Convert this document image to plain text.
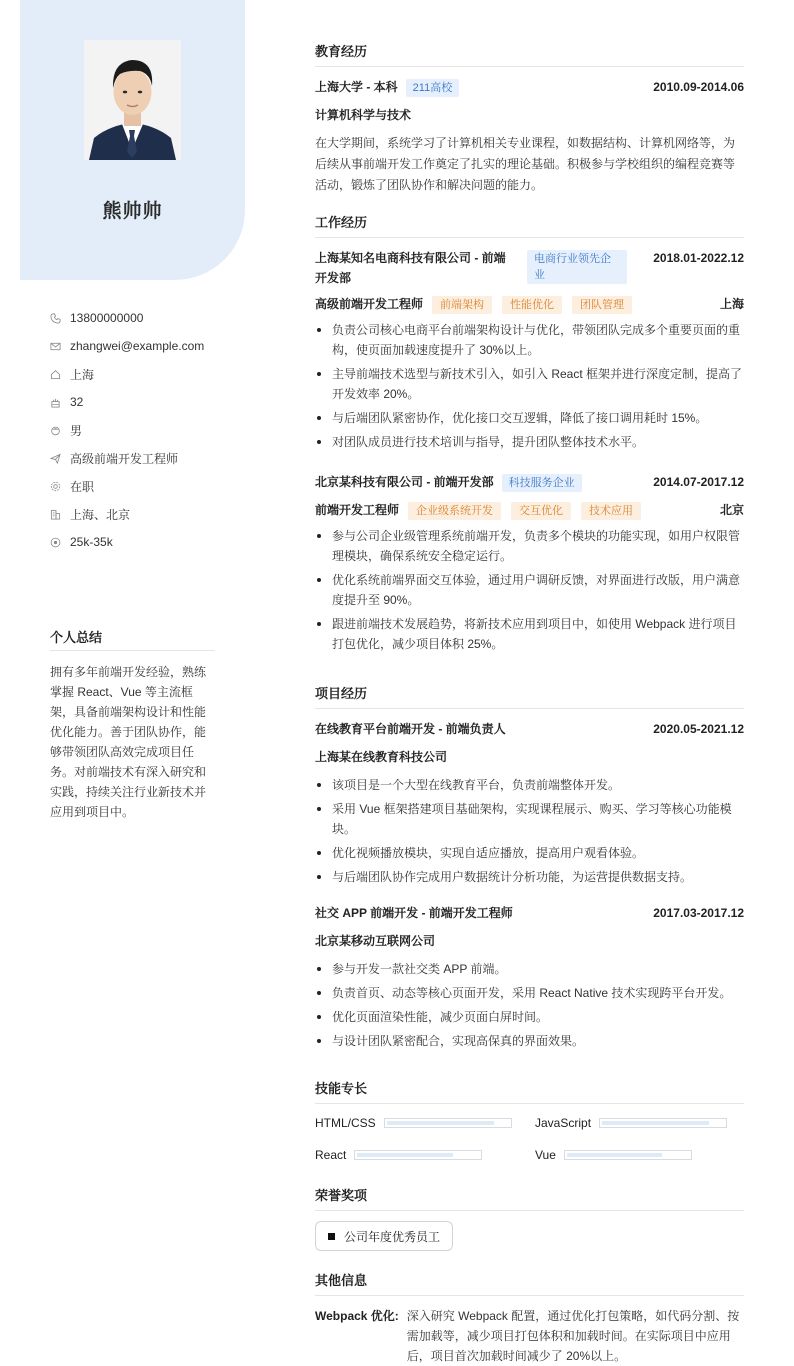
熊帅帅
13800000000
zhangwei@example.com
上海
32
男
高级前端开发工程师
在职
上海、北京
25k-35k
个人总结
拥有多年前端开发经验，熟练掌握 React、Vue 等主流框架，具备前端架构设计和性能优化能力。善于团队协作，能够带领团队高效完成项目任务。对前端技术有深入研究和实践，持续关注行业新技术并应用到项目中。
教育经历
上海大学 - 本科 211高校	2010.09-2014.06
计算机科学与技术
在大学期间，系统学习了计算机相关专业课程，如数据结构、计算机网络等，为后续从事前端开发工作奠定了扎实的理论基础。积极参与学校组织的编程竞赛等活动，锻炼了团队协作和解决问题的能力。
工作经历
上海某知名电商科技有限公司 - 前端开发部
电商行业领先企业
2018.01-2022.12
高级前端开发工程师 前端架构 性能优化 团队管理	上海
负责公司核心电商平台前端架构设计与优化，带领团队完成多个重要页面的重构，使页面加载速度提升了 30%以上。
主导前端技术选型与新技术引入，如引入 React 框架并进行深度定制，提高了开发效率 20%。
与后端团队紧密协作，优化接口交互逻辑，降低了接口调用耗时 15%。
对团队成员进行技术培训与指导，提升团队整体技术水平。
北京某科技有限公司 - 前端开发部 科技服务企业	2014.07-2017.12
前端开发工程师 企业级系统开发 交互优化 技术应用	北京
参与公司企业级管理系统前端开发，负责多个模块的功能实现，如用户权限管理模块，确保系统安全稳定运行。
优化系统前端界面交互体验，通过用户调研反馈，对界面进行改版，用户满意度提升至 90%。
跟进前端技术发展趋势，将新技术应用到项目中，如使用 Webpack 进行项目打包优化，减少项目体积 25%。
项目经历
在线教育平台前端开发 - 前端负责人	2020.05-2021.12
上海某在线教育科技公司
该项目是一个大型在线教育平台，负责前端整体开发。
采用 Vue 框架搭建项目基础架构，实现课程展示、购买、学习等核心功能模块。
优化视频播放模块，实现自适应播放，提高用户观看体验。
与后端团队协作完成用户数据统计分析功能，为运营提供数据支持。
社交 APP 前端开发 - 前端开发工程师	2017.03-2017.12
北京某移动互联网公司
参与开发一款社交类 APP 前端。
负责首页、动态等核心页面开发，采用 React Native 技术实现跨平台开发。
优化页面渲染性能，减少页面白屏时间。
与设计团队紧密配合，实现高保真的界面效果。
技能专长
HTML/CSS	JavaScript
React	Vue
荣誉奖项
公司年度优秀员工
其他信息
Webpack 优化: 深入研究 Webpack 配置，通过优化打包策略，如代码分割、按需加载等，减少项目打包体积和加载时间。在实际项目中应用后，项目首次加载时间减少了 20%以上。
